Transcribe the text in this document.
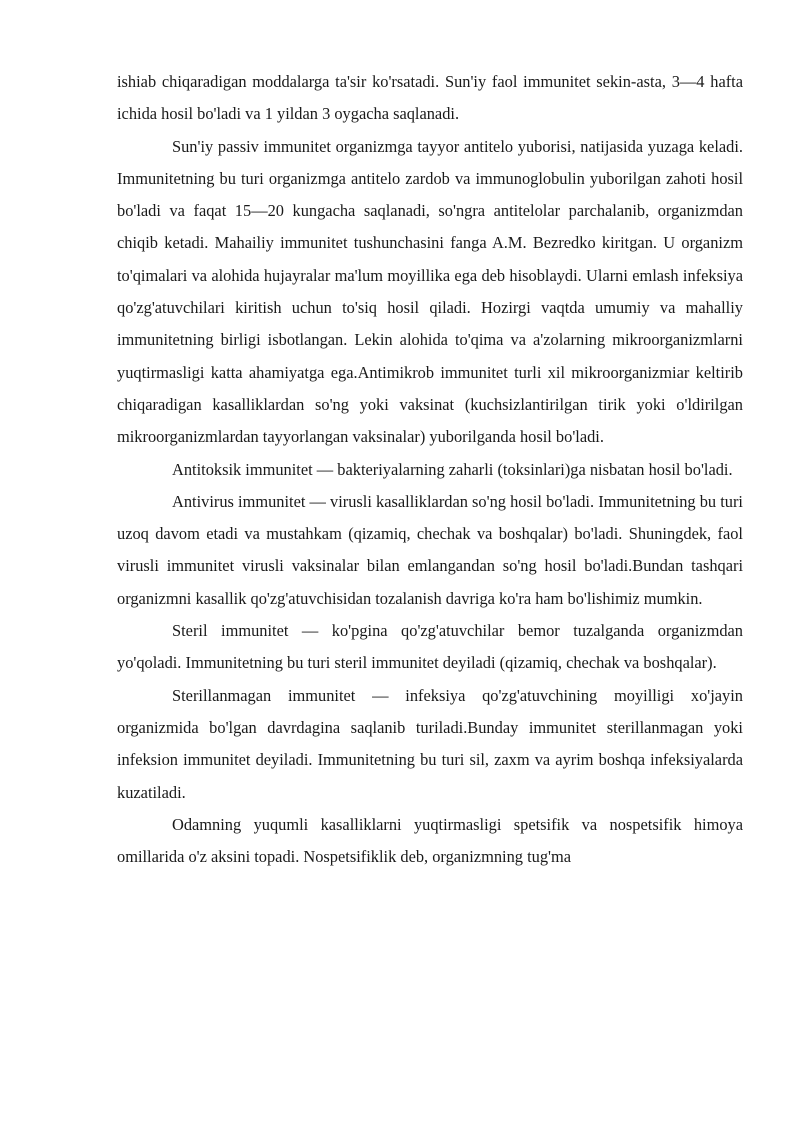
ishiab chiqaradigan moddalarga ta'sir ko'rsatadi. Sun'iy faol immunitet sekin-asta, 3—4 hafta ichida hosil bo'ladi va 1 yildan 3 oygacha saqlanadi.

Sun'iy passiv immunitet organizmga tayyor antitelo yuborisi, natijasida yuzaga keladi. Immunitetning bu turi organizmga antitelo zardob va immunoglobulin yuborilgan zahoti hosil bo'ladi va faqat 15—20 kungacha saqlanadi, so'ngra antitelolar parchalanib, organizmdan chiqib ketadi. Mahailiy immunitet tushunchasini fanga A.M. Bezredko kiritgan. U organizm to'qimalari va alohida hujayralar ma'lum moyillika ega deb hisoblaydi. Ularni emlash infeksiya qo'zg'atuvchilari kiritish uchun to'siq hosil qiladi. Hozirgi vaqtda umumiy va mahalliy immunitetning birligi isbotlangan. Lekin alohida to'qima va a'zolarning mikroorganizmlarni yuqtirmasligi katta ahamiyatga ega.Antimikrob immunitet turli xil mikroorganizmiar keltirib chiqaradigan kasalliklardan so'ng yoki vaksinat (kuchsizlantirilgan tirik yoki o'ldirilgan mikroorganizmlardan tayyorlangan vaksinalar) yuborilganda hosil bo'ladi.

Antitoksik immunitet — bakteriyalarning zaharli (toksinlari)ga nisbatan hosil bo'ladi.

Antivirus immunitet — virusli kasalliklardan so'ng hosil bo'ladi. Immunitetning bu turi uzoq davom etadi va mustahkam (qizamiq, chechak va boshqalar) bo'ladi. Shuningdek, faol virusli immunitet virusli vaksinalar bilan emlangandan so'ng hosil bo'ladi.Bundan tashqari organizmni kasallik qo'zg'atuvchisidan tozalanish davriga ko'ra ham bo'lishimiz mumkin.

Steril immunitet — ko'pgina qo'zg'atuvchilar bemor tuzalganda organizmdan yo'qoladi. Immunitetning bu turi steril immunitet deyiladi (qizamiq, chechak va boshqalar).

Sterillanmagan immunitet — infeksiya qo'zg'atuvchining moyilligi xo'jayin organizmida bo'lgan davrdagina saqlanib turiladi.Bunday immunitet sterillanmagan yoki infeksion immunitet deyiladi. Immunitetning bu turi sil, zaxm va ayrim boshqa infeksiyalarda kuzatiladi.

Odamning yuqumli kasalliklarni yuqtirmasligi spetsifik va nospetsifik himoya omillarida o'z aksini topadi. Nospetsifiklik deb, organizmning tug'ma
